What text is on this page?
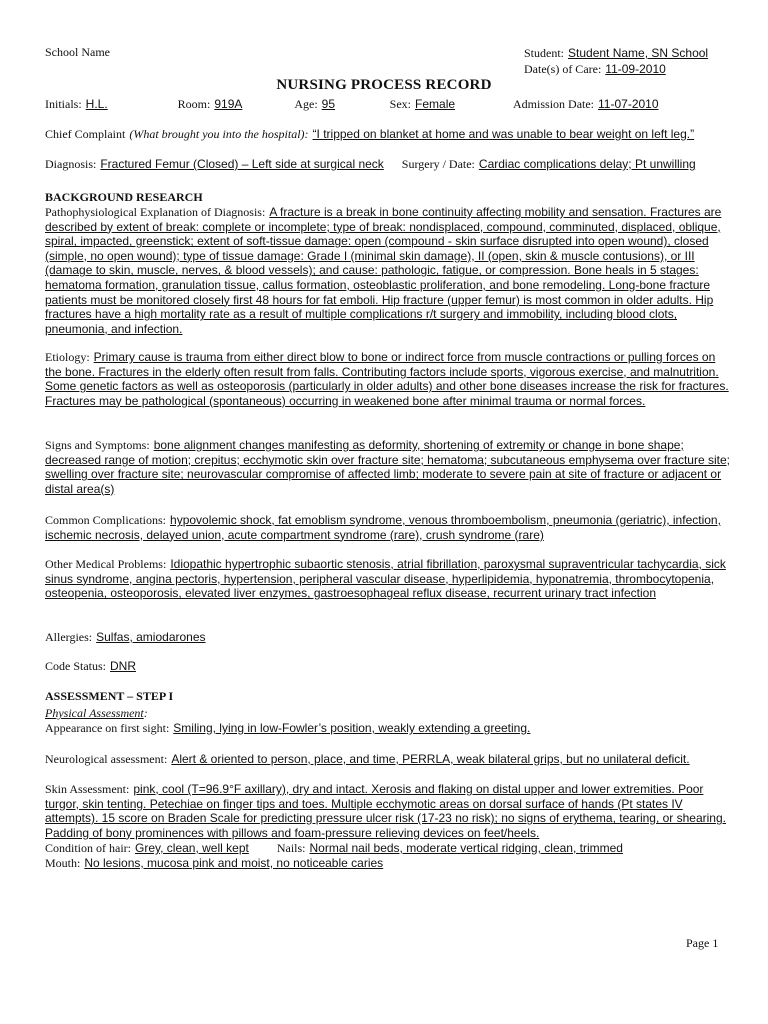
School Name	Student: Student Name, SN School
Date(s) of Care: 11-09-2010
NURSING PROCESS RECORD
Initials: H.L.	Room: 919A	Age: 95	Sex: Female	Admission Date: 11-07-2010
Chief Complaint (What brought you into the hospital): “I tripped on blanket at home and was unable to bear weight on left leg.”
Diagnosis: Fractured Femur (Closed) – Left side at surgical neck Surgery / Date: Cardiac complications delay; Pt unwilling
BACKGROUND RESEARCH
Pathophysiological Explanation of Diagnosis: A fracture is a break in bone continuity affecting mobility and sensation. Fractures are described by extent of break: complete or incomplete; type of break: nondisplaced, compound, comminuted, displaced, oblique, spiral, impacted, greenstick; extent of soft-tissue damage: open (compound - skin surface disrupted into open wound), closed (simple, no open wound); type of tissue damage: Grade I (minimal skin damage), II (open, skin & muscle contusions), or III (damage to skin, muscle, nerves, & blood vessels); and cause: pathologic, fatigue, or compression. Bone heals in 5 stages: hematoma formation, granulation tissue, callus formation, osteoblastic proliferation, and bone remodeling. Long-bone fracture patients must be monitored closely first 48 hours for fat emboli. Hip fracture (upper femur) is most common in older adults. Hip fractures have a high mortality rate as a result of multiple complications r/t surgery and immobility, including blood clots, pneumonia, and infection.
Etiology: Primary cause is trauma from either direct blow to bone or indirect force from muscle contractions or pulling forces on the bone. Fractures in the elderly often result from falls. Contributing factors include sports, vigorous exercise, and malnutrition. Some genetic factors as well as osteoporosis (particularly in older adults) and other bone diseases increase the risk for fractures. Fractures may be pathological (spontaneous) occurring in weakened bone after minimal trauma or normal forces.
Signs and Symptoms: bone alignment changes manifesting as deformity, shortening of extremity or change in bone shape; decreased range of motion; crepitus; ecchymotic skin over fracture site; hematoma; subcutaneous emphysema over fracture site; swelling over fracture site; neurovascular compromise of affected limb; moderate to severe pain at site of fracture or adjacent or distal area(s)
Common Complications: hypovolemic shock, fat emoblism syndrome, venous thromboembolism, pneumonia (geriatric), infection, ischemic necrosis, delayed union, acute compartment syndrome (rare), crush syndrome (rare)
Other Medical Problems: Idiopathic hypertrophic subaortic stenosis, atrial fibrillation, paroxysmal supraventricular tachycardia, sick sinus syndrome, angina pectoris, hypertension, peripheral vascular disease, hyperlipidemia, hyponatremia, thrombocytopenia, osteopenia, osteoporosis, elevated liver enzymes, gastroesophageal reflux disease, recurrent urinary tract infection
Allergies: Sulfas, amiodarones
Code Status: DNR
ASSESSMENT – STEP I
Physical Assessment:
Appearance on first sight: Smiling, lying in low-Fowler’s position, weakly extending a greeting.
Neurological assessment: Alert & oriented to person, place, and time, PERRLA, weak bilateral grips, but no unilateral deficit.
Skin Assessment: pink, cool (T=96.9°F axillary), dry and intact. Xerosis and flaking on distal upper and lower extremities. Poor turgor, skin tenting. Petechiae on finger tips and toes. Multiple ecchymotic areas on dorsal surface of hands (Pt states IV attempts). 15 score on Braden Scale for predicting pressure ulcer risk (17-23 no risk); no signs of erythema, tearing, or shearing. Padding of bony prominences with pillows and foam-pressure relieving devices on feet/heels.
Condition of hair: Grey, clean, well kept Nails: Normal nail beds, moderate vertical ridging, clean, trimmed
Mouth: No lesions, mucosa pink and moist, no noticeable caries
Page 1
